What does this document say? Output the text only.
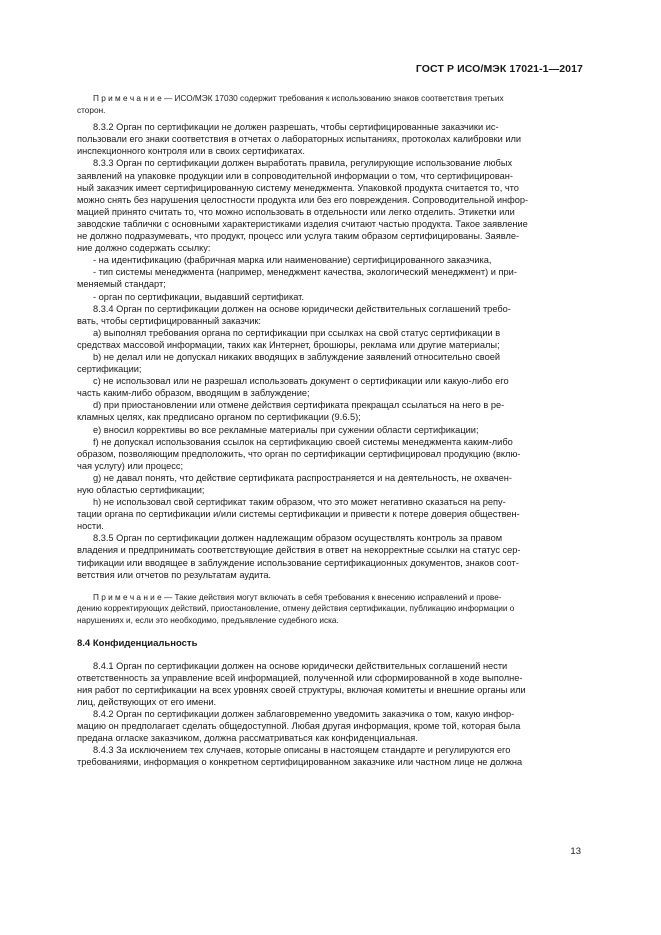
ГОСТ Р ИСО/МЭК 17021-1—2017

П р и м е ч а н и е — ИСО/МЭК 17030 содержит требования к использованию знаков соответствия третьих

сторон.

8.3.2 Орган по сертификации не должен разрешать, чтобы сертифицированные заказчики ис-

пользовали его знаки соответствия в отчетах о лабораторных испытаниях, протоколах калибровки или

инспекционного контроля или в своих сертификатах.

8.3.3 Орган по сертификации должен выработать правила, регулирующие использование любых

заявлений на упаковке продукции или в сопроводительной информации о том, что сертифицирован-

ный заказчик имеет сертифицированную систему менеджмента. Упаковкой продукта считается то, что

можно снять без нарушения целостности продукта или без его повреждения. Сопроводительной инфор-

мацией принято считать то, что можно использовать в отдельности или легко отделить. Этикетки или

заводские таблички с основными характеристиками изделия считают частью продукта. Такое заявление

не должно подразумевать, что продукт, процесс или услуга таким образом сертифицированы. Заявле-

ние должно содержать ссылку:

- на идентификацию (фабричная марка или наименование) сертифицированного заказчика,

- тип системы менеджмента (например, менеджмент качества, экологический менеджмент) и при-

меняемый стандарт;

- орган по сертификации, выдавший сертификат.

8.3.4 Орган по сертификации должен на основе юридически действительных соглашений требо-

вать, чтобы сертифицированный заказчик:

a) выполнял требования органа по сертификации при ссылках на свой статус сертификации в

средствах массовой информации, таких как Интернет, брошюры, реклама или другие материалы;

b) не делал или не допускал никаких вводящих в заблуждение заявлений относительно своей

сертификации;

c) не использовал или не разрешал использовать документ о сертификации или какую-либо его

часть каким-либо образом, вводящим в заблуждение;

d) при приостановлении или отмене действия сертификата прекращал ссылаться на него в ре-

кламных целях, как предписано органом по сертификации (9.6.5);

e) вносил коррективы во все рекламные материалы при сужении области сертификации;

f) не допускал использования ссылок на сертификацию своей системы менеджмента каким-либо

образом, позволяющим предположить, что орган по сертификации сертифицировал продукцию (вклю-

чая услугу) или процесс;

g) не давал понять, что действие сертификата распространяется и на деятельность, не охвачен-

ную областью сертификации;

h) не использовал свой сертификат таким образом, что это может негативно сказаться на репу-

тации органа по сертификации и/или системы сертификации и привести к потере доверия обществен-

ности.

8.3.5 Орган по сертификации должен надлежащим образом осуществлять контроль за правом

владения и предпринимать соответствующие действия в ответ на некорректные ссылки на статус сер-

тификации или вводящее в заблуждение использование сертификационных документов, знаков соот-

ветствия или отчетов по результатам аудита.

П р и м е ч а н и е — Такие действия могут включать в себя требования к внесению исправлений и прове-

дению корректирующих действий, приостановление, отмену действия сертификации, публикацию информации о

нарушениях и, если это необходимо, предъявление судебного иска.

8.4 Конфиденциальность

8.4.1 Орган по сертификации должен на основе юридически действительных соглашений нести

ответственность за управление всей информацией, полученной или сформированной в ходе выполне-

ния работ по сертификации на всех уровнях своей структуры, включая комитеты и внешние органы или

лиц, действующих от его имени.

8.4.2 Орган по сертификации должен заблаговременно уведомить заказчика о том, какую инфор-

мацию он предполагает сделать общедоступной. Любая другая информация, кроме той, которая была

предана огласке заказчиком, должна рассматриваться как конфиденциальная.

8.4.3 За исключением тех случаев, которые описаны в настоящем стандарте и регулируются его

требованиями, информация о конкретном сертифицированном заказчике или частном лице не должна

13
